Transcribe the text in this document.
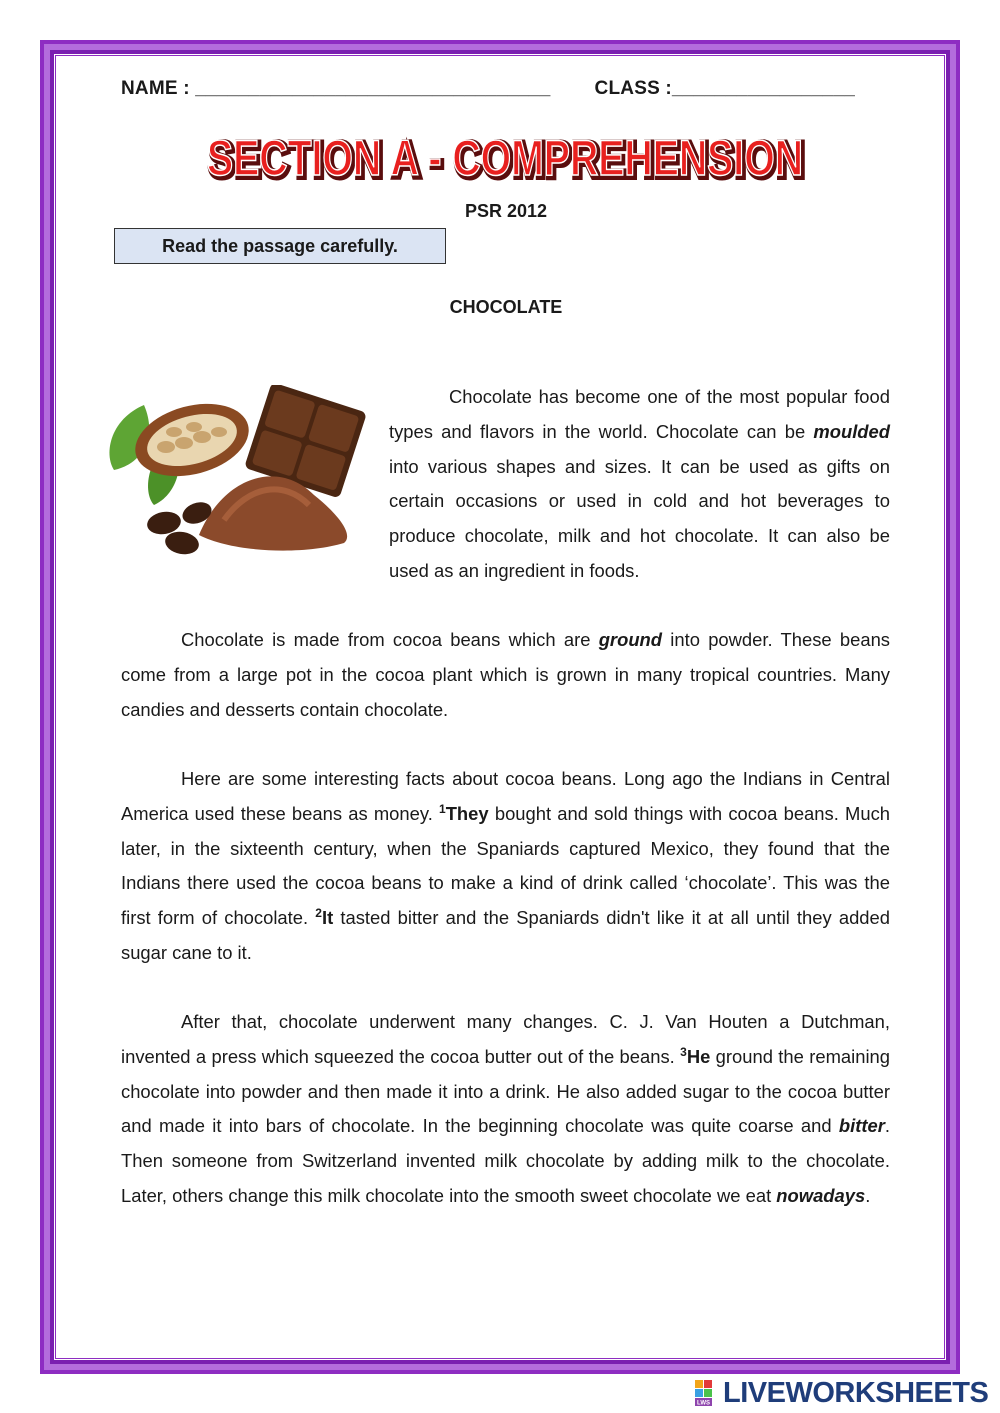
NAME : _________________________________ CLASS :_________________
SECTION A - COMPREHENSION
SECTION A - COMPREHENSION
PSR 2012
Read the passage carefully.
CHOCOLATE

Chocolate has become one of the most popular food types and flavors in the world. Chocolate can be moulded into various shapes and sizes. It can be used as gifts on certain occasions or used in cold and hot beverages to produce chocolate, milk and hot chocolate. It can also be used as an ingredient in foods.

Chocolate is made from cocoa beans which are ground into powder. These beans come from a large pot in the cocoa plant which is grown in many tropical countries. Many candies and desserts contain chocolate.

Here are some interesting facts about cocoa beans. Long ago the Indians in Central America used these beans as money. $^1$They bought and sold things with cocoa beans. Much later, in the sixteenth century, when the Spaniards captured Mexico, they found that the Indians there used the cocoa beans to make a kind of drink called ‘chocolate’. This was the first form of chocolate. $^2$It tasted bitter and the Spaniards didn't like it at all until they added sugar cane to it.

After that, chocolate underwent many changes. C. J. Van Houten a Dutchman, invented a press which squeezed the cocoa butter out of the beans. $^3$He ground the remaining chocolate into powder and then made it into a drink. He also added sugar to the cocoa butter and made it into bars of chocolate. In the beginning chocolate was quite coarse and bitter. Then someone from Switzerland invented milk chocolate by adding milk to the chocolate. Later, others change this milk chocolate into the smooth sweet chocolate we eat nowadays.

LWS LIVEWORKSHEETS
